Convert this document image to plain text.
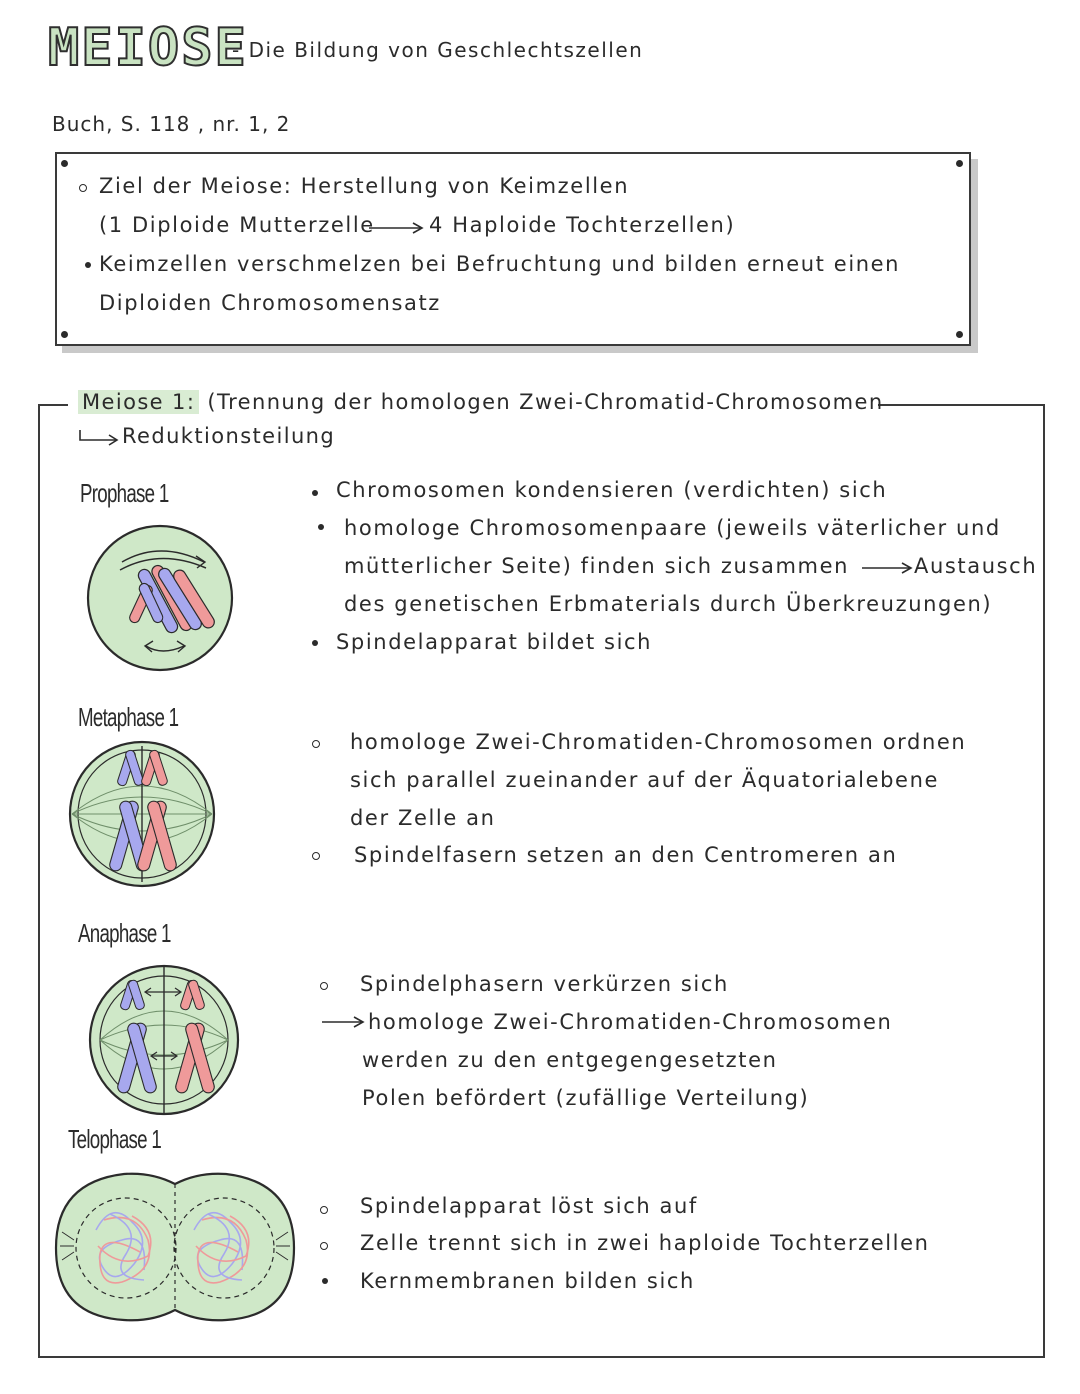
MEIOSE
- Die Bildung von Geschlechtszellen
Buch, S. 118 , nr. 1, 2
Ziel der Meiose: Herstellung von Keimzellen
(1 Diploide Mutterzelle	4 Haploide Tochterzellen)
Keimzellen verschmelzen bei Befruchtung und bilden erneut einen
Diploiden Chromosomensatz
Meiose 1: (Trennung der homologen Zwei-Chromatid-Chromosomen
Reduktionsteilung
Prophase 1	Chromosomen kondensieren (verdichten) sich
homologe Chromosomenpaare (jeweils väterlicher und
mütterlicher Seite) finden sich zusammen	Austausch
des genetischen Erbmaterials durch Überkreuzungen)
Spindelapparat bildet sich
Metaphase 1
homologe Zwei-Chromatiden-Chromosomen ordnen
sich parallel zueinander auf der Äquatorialebene
der Zelle an
Spindelfasern setzen an den Centromeren an
Anaphase 1
Spindelphasern verkürzen sich
homologe Zwei-Chromatiden-Chromosomen
werden zu den entgegengesetzten
Polen befördert (zufällige Verteilung)
Telophase 1
Spindelapparat löst sich auf
Zelle trennt sich in zwei haploide Tochterzellen
Kernmembranen bilden sich
